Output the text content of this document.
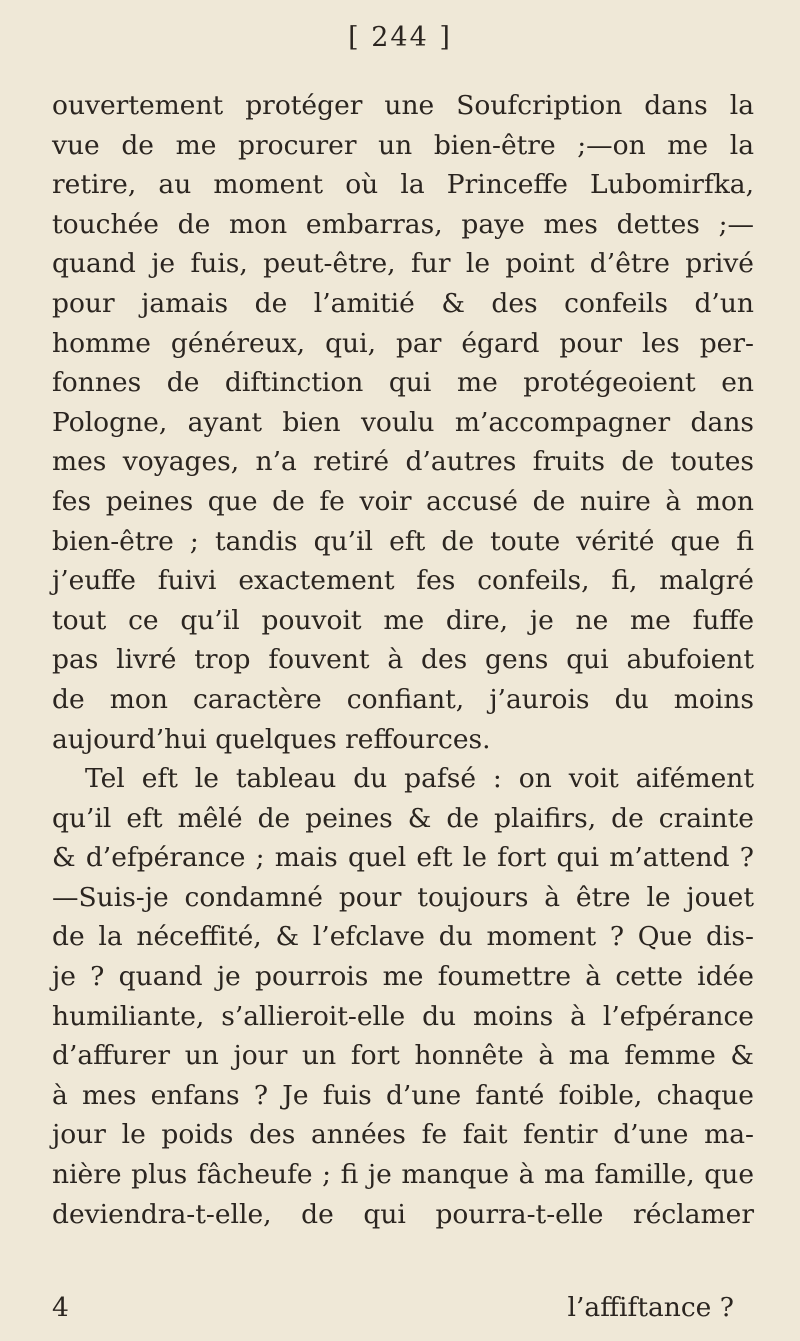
[ 244 ]
ouvertement protéger une Soufcription dans la
vue de me procurer un bien-être ;—on me la
retire, au moment où la Princeffe Lubomirfka,
touchée de mon embarras, paye mes dettes ;—
quand je fuis, peut-être, fur le point d’être privé
pour jamais de l’amitié & des confeils d’un
homme généreux, qui, par égard pour les per-
fonnes de diftinction qui me protégeoient en
Pologne, ayant bien voulu m’accompagner dans
mes voyages, n’a retiré d’autres fruits de toutes
fes peines que de fe voir accusé de nuire à mon
bien-être ; tandis qu’il eft de toute vérité que fi
j’euffe fuivi exactement fes confeils, fi, malgré
tout ce qu’il pouvoit me dire, je ne me fuffe
pas livré trop fouvent à des gens qui abufoient
de mon caractère confiant, j’aurois du moins
aujourd’hui quelques reffources.
Tel eft le tableau du pafsé : on voit aifément
qu’il eft mêlé de peines & de plaifirs, de crainte
& d’efpérance ; mais quel eft le fort qui m’attend ?
—Suis-je condamné pour toujours à être le jouet
de la néceffité, & l’efclave du moment ? Que dis-
je ? quand je pourrois me foumettre à cette idée
humiliante, s’allieroit-elle du moins à l’efpérance
d’affurer un jour un fort honnête à ma femme &
à mes enfans ? Je fuis d’une fanté foible, chaque
jour le poids des années fe fait fentir d’une ma-
nière plus fâcheufe ; fi je manque à ma famille, que
deviendra-t-elle, de qui pourra-t-elle réclamer
4	l’affiftance ?
